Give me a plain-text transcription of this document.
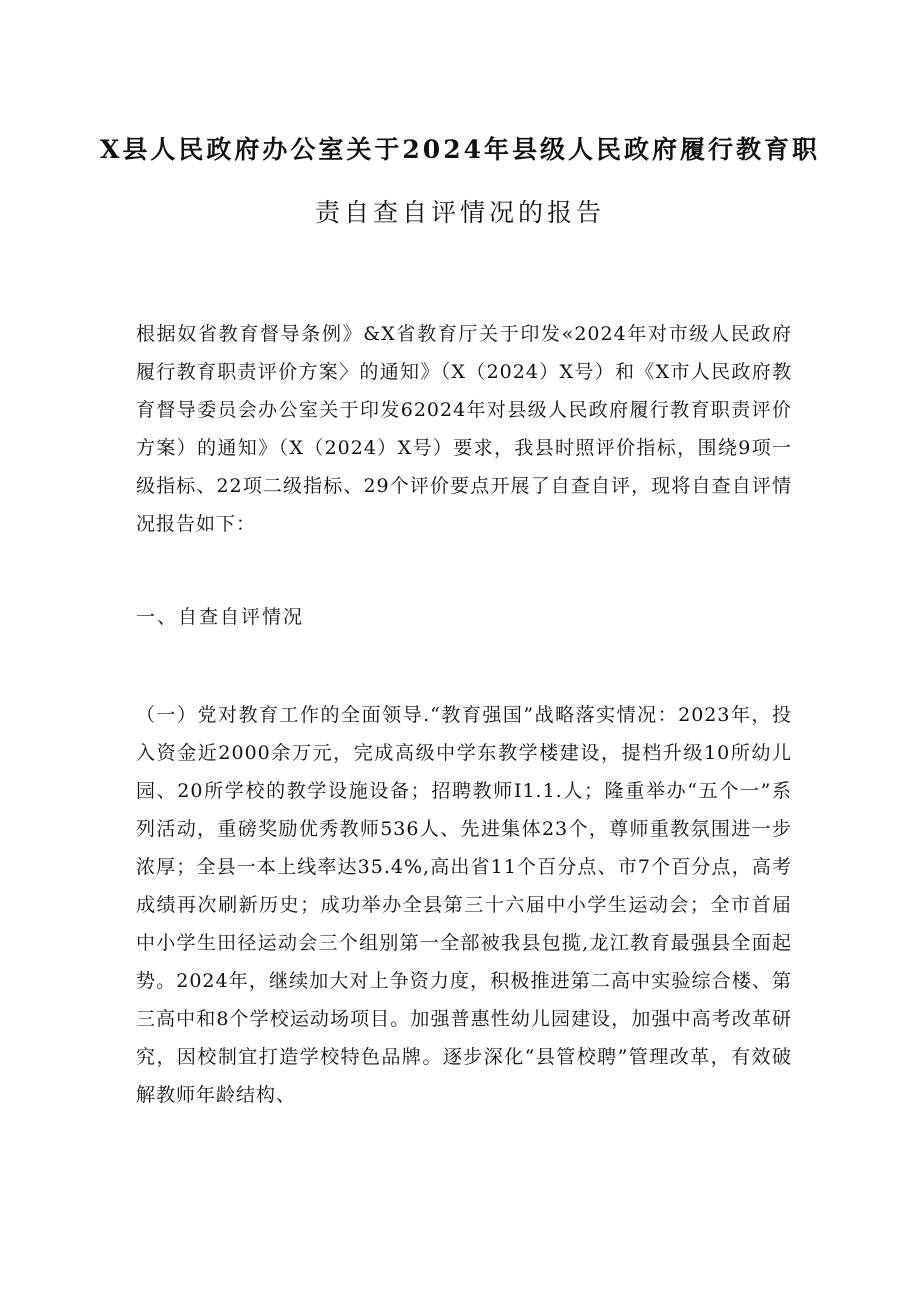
X县人民政府办公室关于2024年县级人民政府履行教育职
责自查自评情况的报告
根据奴省教育督导条例》&X省教育厅关于印发«2024年对市级人民政府履行教育职责评价方案〉的通知》（X（2024）X号）和《X市人民政府教育督导委员会办公室关于印发62024年对县级人民政府履行教育职责评价方案）的通知》（X（2024）X号）要求，我县时照评价指标，围绕9项一级指标、22项二级指标、29个评价要点开展了自查自评，现将自查自评情况报告如下：
一、自查自评情况
（一）党对教育工作的全面领导.“教育强国”战略落实情况：2023年，投入资金近2000余万元，完成高级中学东教学楼建设，提档升级10所幼儿园、20所学校的教学设施设备；招聘教师I1.1.人；隆重举办“五个一”系列活动，重磅奖励优秀教师536人、先进集体23个，尊师重教氛围进一步浓厚；全县一本上线率达35.4%,高出省11个百分点、市7个百分点，高考成绩再次刷新历史；成功举办全县第三十六届中小学生运动会；全市首届中小学生田径运动会三个组别第一全部被我县包揽,龙江教育最强县全面起势。2024年，继续加大对上争资力度，积极推进第二高中实验综合楼、第三高中和8个学校运动场项目。加强普惠性幼儿园建设，加强中高考改革研究，因校制宜打造学校特色品牌。逐步深化“县管校聘”管理改革，有效破解教师年龄结构、
